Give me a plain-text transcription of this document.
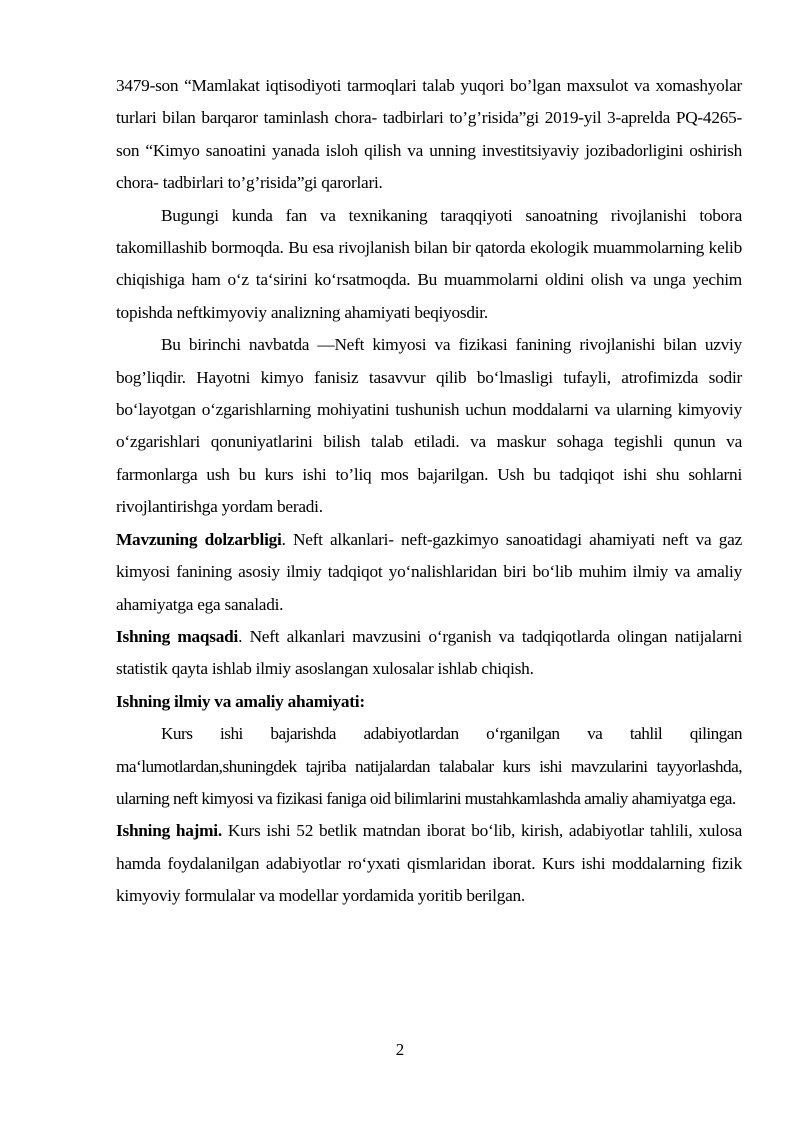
3479-son “Mamlakat iqtisodiyoti tarmoqlari talab yuqori bo’lgan maxsulot va xomashyolar turlari bilan barqaror taminlash chora- tadbirlari to’g’risida”gi 2019-yil 3-aprelda PQ-4265-son “Kimyo sanoatini yanada isloh qilish va unning investitsiyaviy jozibadorligini oshirish chora- tadbirlari to’g’risida”gi qarorlari.

Bugungi kunda fan va texnikaning taraqqiyoti sanoatning rivojlanishi tobora takomillashib bormoqda. Bu esa rivojlanish bilan bir qatorda ekologik muammolarning kelib chiqishiga ham o‘z ta‘sirini ko‘rsatmoqda. Bu muammolarni oldini olish va unga yechim topishda neftkimyoviy analizning ahamiyati beqiyosdir.

Bu birinchi navbatda —Neft kimyosi va fizikasi fanining rivojlanishi bilan uzviy bog’liqdir. Hayotni kimyo fanisiz tasavvur qilib bo‘lmasligi tufayli, atrofimizda sodir bo‘layotgan o‘zgarishlarning mohiyatini tushunish uchun moddalarni va ularning kimyoviy o‘zgarishlari qonuniyatlarini bilish talab etiladi. va maskur sohaga tegishli qunun va farmonlarga ush bu kurs ishi to’liq mos bajarilgan. Ush bu tadqiqot ishi shu sohlarni rivojlantirishga yordam beradi.

Mavzuning dolzarbligi. Neft alkanlari- neft-gazkimyo sanoatidagi ahamiyati neft va gaz kimyosi fanining asosiy ilmiy tadqiqot yo‘nalishlaridan biri bo‘lib muhim ilmiy va amaliy ahamiyatga ega sanaladi.

Ishning maqsadi. Neft alkanlari mavzusini o‘rganish va tadqiqotlarda olingan natijalarni statistik qayta ishlab ilmiy asoslangan xulosalar ishlab chiqish.

Ishning ilmiy va amaliy ahamiyati:

Kurs ishi bajarishda adabiyotlardan o‘rganilgan va tahlil qilingan ma‘lumotlardan,shuningdek tajriba natijalardan talabalar kurs ishi mavzularini tayyorlashda, ularning neft kimyosi va fizikasi faniga oid bilimlarini mustahkamlashda amaliy ahamiyatga ega.

Ishning hajmi. Kurs ishi 52 betlik matndan iborat bo‘lib, kirish, adabiyotlar tahlili, xulosa hamda foydalanilgan adabiyotlar ro‘yxati qismlaridan iborat. Kurs ishi moddalarning fizik kimyoviy formulalar va modellar yordamida yoritib berilgan.

2
